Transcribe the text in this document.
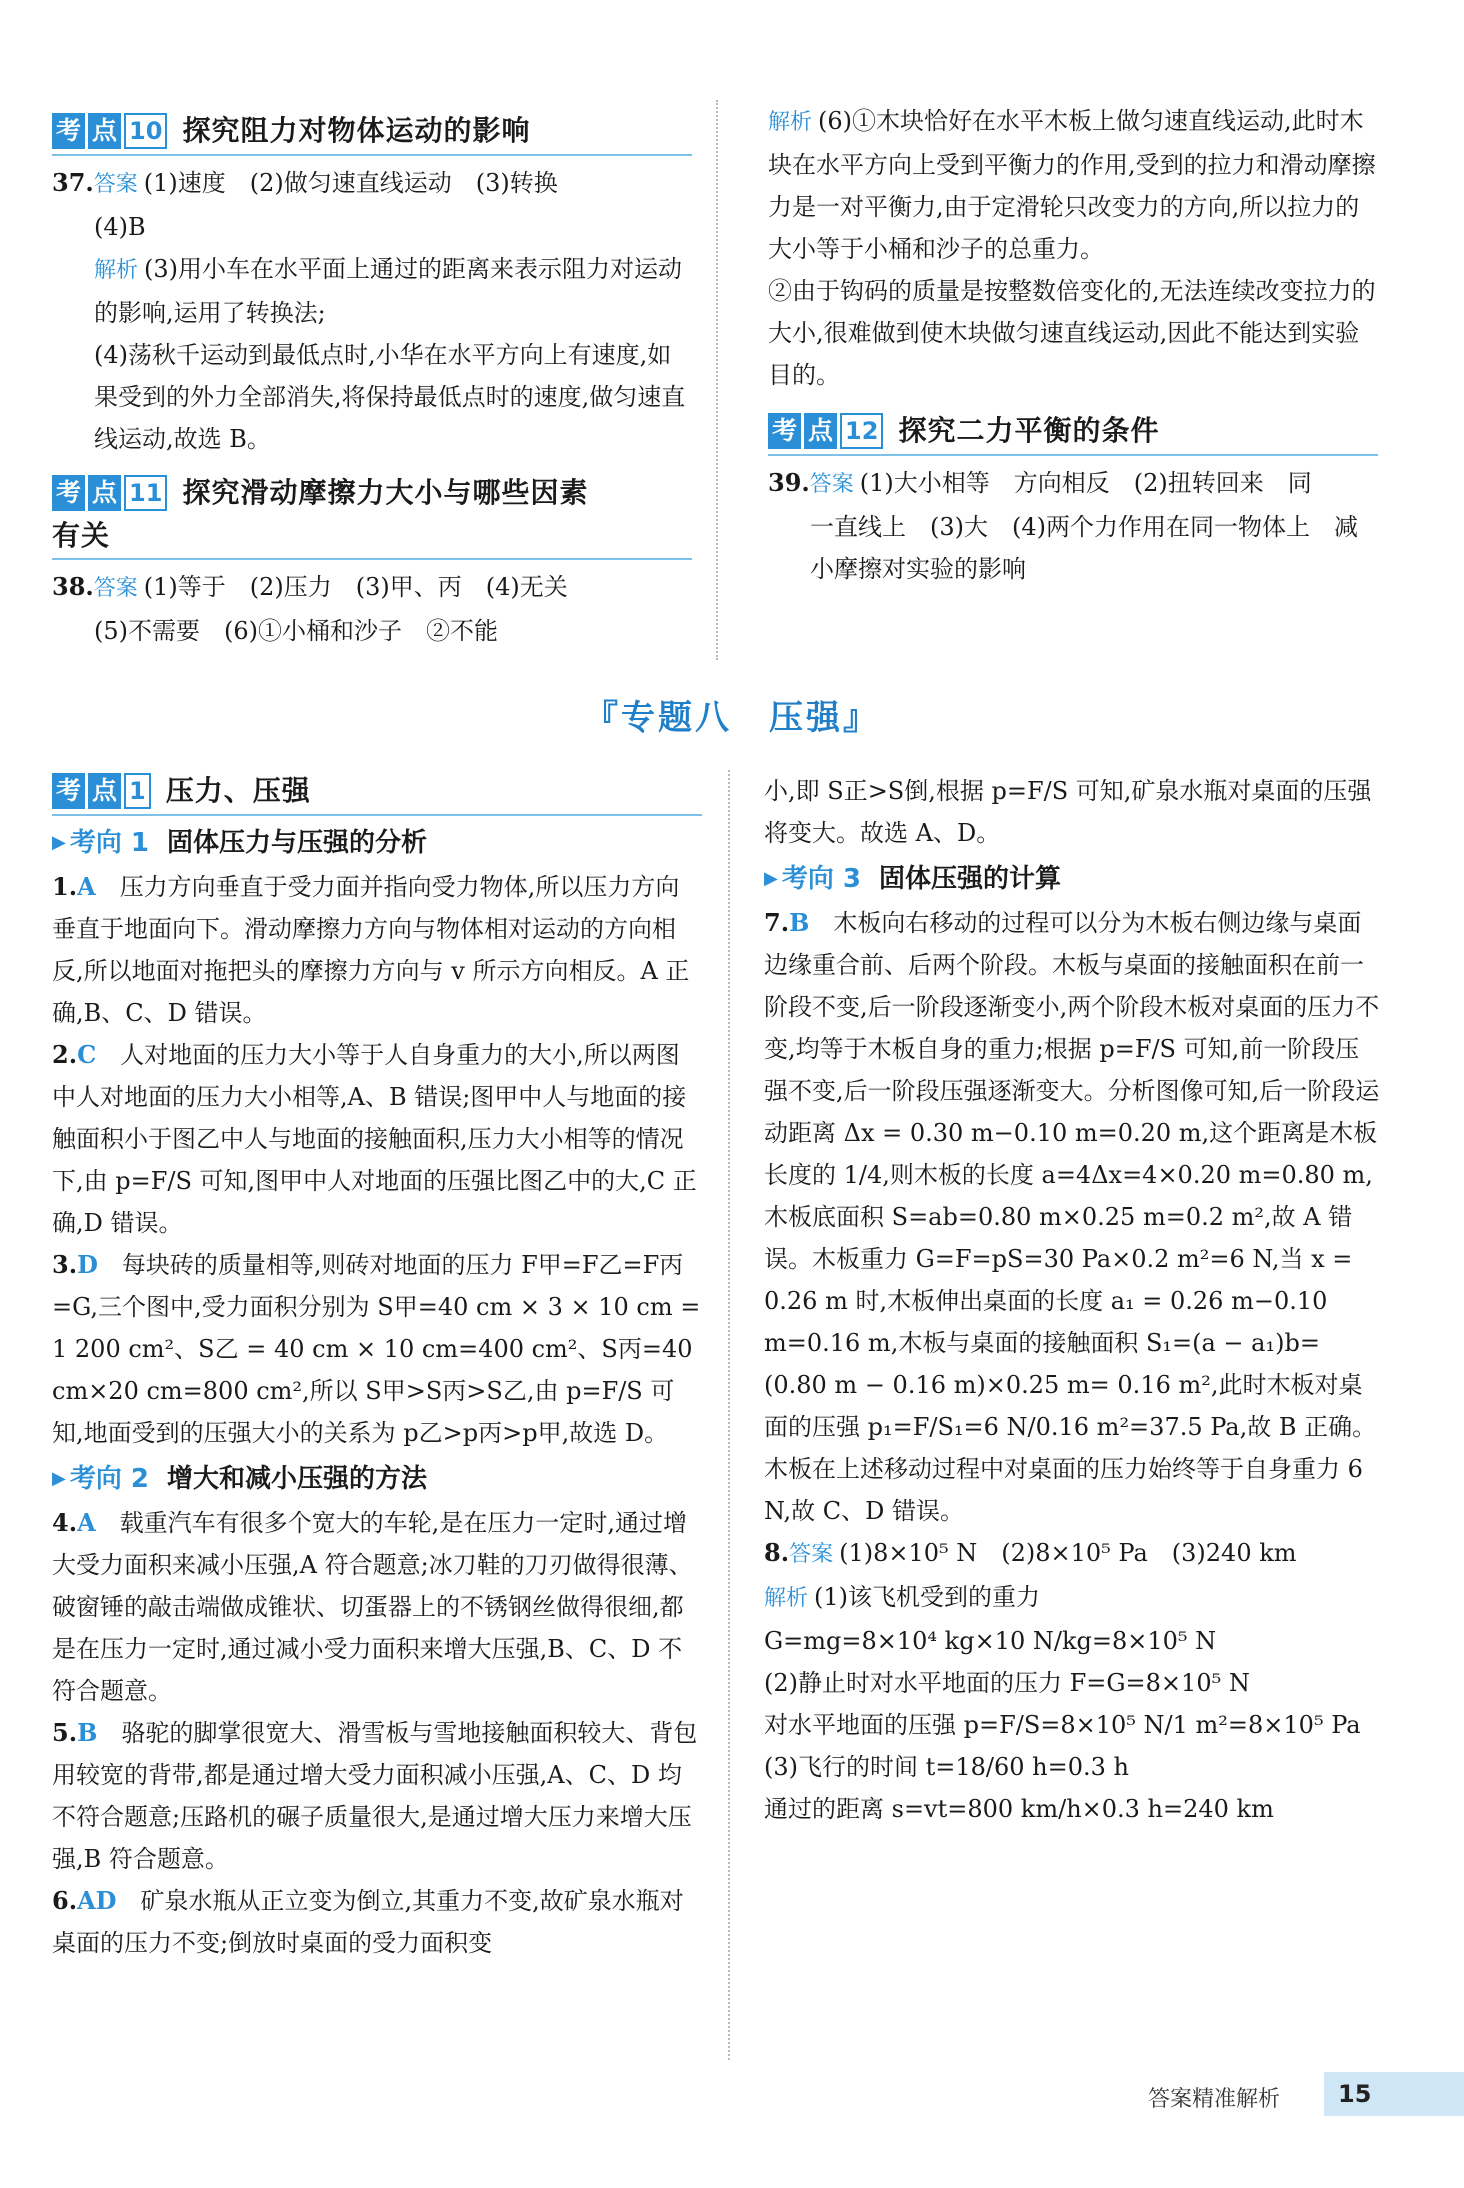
考 点 10 探究阻力对物体运动的影响

37.答案 (1)速度　(2)做匀速直线运动　(3)转换

(4)B

解析 (3)用小车在水平面上通过的距离来表示阻力对运动的影响,运用了转换法;

(4)荡秋千运动到最低点时,小华在水平方向上有速度,如果受到的外力全部消失,将保持最低点时的速度,做匀速直线运动,故选 B。

考 点 11 探究滑动摩擦力大小与哪些因素
有关

38.答案 (1)等于　(2)压力　(3)甲、丙　(4)无关

(5)不需要　(6)①小桶和沙子　②不能

解析 (6)①木块恰好在水平木板上做匀速直线运动,此时木块在水平方向上受到平衡力的作用,受到的拉力和滑动摩擦力是一对平衡力,由于定滑轮只改变力的方向,所以拉力的大小等于小桶和沙子的总重力。

②由于钩码的质量是按整数倍变化的,无法连续改变拉力的大小,很难做到使木块做匀速直线运动,因此不能达到实验目的。

考 点 12 探究二力平衡的条件

39.答案 (1)大小相等　方向相反　(2)扭转回来　同

一直线上　(3)大　(4)两个力作用在同一物体上　减小摩擦对实验的影响

『专题八　压强』
考 点 1 压力、压强
▶ 考向 1 固体压力与压强的分析

1.A　 压力方向垂直于受力面并指向受力物体,所以压力方向垂直于地面向下。滑动摩擦力方向与物体相对运动的方向相反,所以地面对拖把头的摩擦力方向与 v 所示方向相反。A 正确,B、C、D 错误。

2.C　 人对地面的压力大小等于人自身重力的大小,所以两图中人对地面的压力大小相等,A、B 错误;图甲中人与地面的接触面积小于图乙中人与地面的接触面积,压力大小相等的情况下,由 p=F/S 可知,图甲中人对地面的压强比图乙中的大,C 正确,D 错误。

3.D　 每块砖的质量相等,则砖对地面的压力 F甲=F乙=F丙=G,三个图中,受力面积分别为 S甲=40 cm × 3 × 10 cm = 1 200 cm²、S乙 = 40 cm × 10 cm=400 cm²、S丙=40 cm×20 cm=800 cm²,所以 S甲>S丙>S乙,由 p=F/S 可知,地面受到的压强大小的关系为 p乙>p丙>p甲,故选 D。

▶ 考向 2 增大和减小压强的方法

4.A　 载重汽车有很多个宽大的车轮,是在压力一定时,通过增大受力面积来减小压强,A 符合题意;冰刀鞋的刀刃做得很薄、破窗锤的敲击端做成锥状、切蛋器上的不锈钢丝做得很细,都是在压力一定时,通过减小受力面积来增大压强,B、C、D 不符合题意。

5.B　 骆驼的脚掌很宽大、滑雪板与雪地接触面积较大、背包用较宽的背带,都是通过增大受力面积减小压强,A、C、D 均不符合题意;压路机的碾子质量很大,是通过增大压力来增大压强,B 符合题意。

6.AD　 矿泉水瓶从正立变为倒立,其重力不变,故矿泉水瓶对桌面的压力不变;倒放时桌面的受力面积变

小,即 S正>S倒,根据 p=F/S 可知,矿泉水瓶对桌面的压强将变大。故选 A、D。

▶ 考向 3 固体压强的计算

7.B　 木板向右移动的过程可以分为木板右侧边缘与桌面边缘重合前、后两个阶段。木板与桌面的接触面积在前一阶段不变,后一阶段逐渐变小,两个阶段木板对桌面的压力不变,均等于木板自身的重力;根据 p=F/S 可知,前一阶段压强不变,后一阶段压强逐渐变大。分析图像可知,后一阶段运动距离 Δx = 0.30 m−0.10 m=0.20 m,这个距离是木板长度的 1/4,则木板的长度 a=4Δx=4×0.20 m=0.80 m,木板底面积 S=ab=0.80 m×0.25 m=0.2 m²,故 A 错误。木板重力 G=F=pS=30 Pa×0.2 m²=6 N,当 x = 0.26 m 时,木板伸出桌面的长度 a₁ = 0.26 m−0.10 m=0.16 m,木板与桌面的接触面积 S₁=(a − a₁)b=(0.80 m − 0.16 m)×0.25 m= 0.16 m²,此时木板对桌面的压强 p₁=F/S₁=6 N/0.16 m²=37.5 Pa,故 B 正确。木板在上述移动过程中对桌面的压力始终等于自身重力 6 N,故 C、D 错误。

8.答案 (1)8×10⁵ N　(2)8×10⁵ Pa　(3)240 km

解析 (1)该飞机受到的重力

G=mg=8×10⁴ kg×10 N/kg=8×10⁵ N

(2)静止时对水平地面的压力 F=G=8×10⁵ N

对水平地面的压强 p=F/S=8×10⁵ N/1 m²=8×10⁵ Pa

(3)飞行的时间 t=18/60 h=0.3 h

通过的距离 s=vt=800 km/h×0.3 h=240 km

答案精准解析	15
